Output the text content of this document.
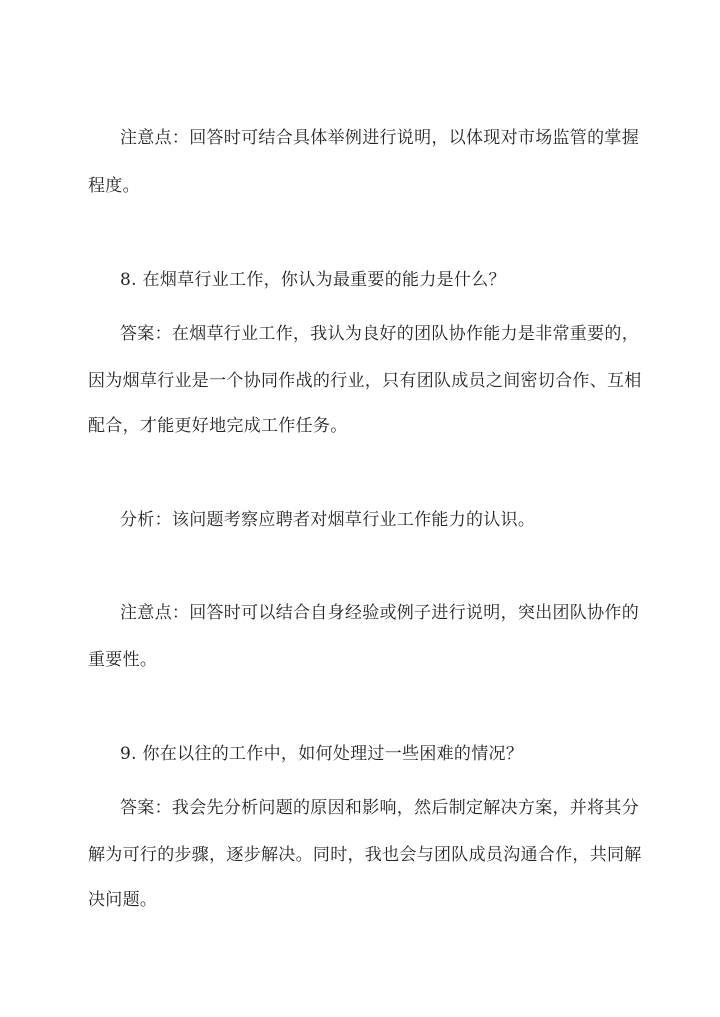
注意点：回答时可结合具体举例进行说明，以体现对市场监管的掌握
程度。
8. 在烟草行业工作，你认为最重要的能力是什么？
答案：在烟草行业工作，我认为良好的团队协作能力是非常重要的，
因为烟草行业是一个协同作战的行业，只有团队成员之间密切合作、互相
配合，才能更好地完成工作任务。
分析：该问题考察应聘者对烟草行业工作能力的认识。
注意点：回答时可以结合自身经验或例子进行说明，突出团队协作的
重要性。
9. 你在以往的工作中，如何处理过一些困难的情况？
答案：我会先分析问题的原因和影响，然后制定解决方案，并将其分
解为可行的步骤，逐步解决。同时，我也会与团队成员沟通合作，共同解
决问题。
